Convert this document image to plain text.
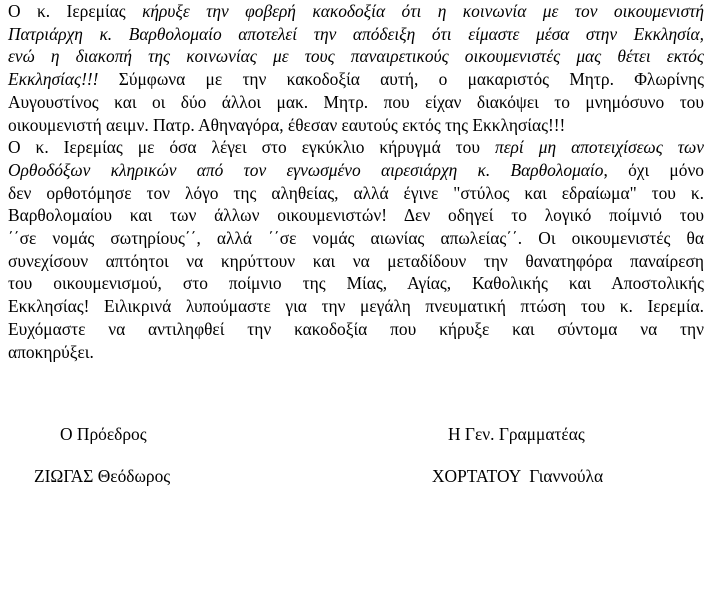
Ο κ. Ιερεμίας κήρυξε την φοβερή κακοδοξία ότι η κοινωνία με τον οικουμενιστή
Πατριάρχη κ. Βαρθολομαίο αποτελεί την απόδειξη ότι είμαστε μέσα στην Εκκλησία,
ενώ η διακοπή της κοινωνίας με τους παναιρετικούς οικουμενιστές μας θέτει εκτός
Εκκλησίας!!! Σύμφωνα με την κακοδοξία αυτή, ο μακαριστός Μητρ. Φλωρίνης
Αυγουστίνος και οι δύο άλλοι μακ. Μητρ. που είχαν διακόψει το μνημόσυνο του
οικουμενιστή αειμν. Πατρ. Αθηναγόρα, έθεσαν εαυτούς εκτός της Εκκλησίας!!!
Ο κ. Ιερεμίας με όσα λέγει στο εγκύκλιο κήρυγμά του περί μη αποτειχίσεως των
Ορθοδόξων κληρικών από τον εγνωσμένο αιρεσιάρχη κ. Βαρθολομαίο, όχι μόνο
δεν ορθοτόμησε τον λόγο της αληθείας, αλλά έγινε "στύλος και εδραίωμα" του κ.
Βαρθολομαίου και των άλλων οικουμενιστών! Δεν οδηγεί το λογικό ποίμνιό του
΄΄σε νομάς σωτηρίους΄΄, αλλά ΄΄σε νομάς αιωνίας απωλείας΄΄. Οι οικουμενιστές θα
συνεχίσουν απτόητοι να κηρύττουν και να μεταδίδουν την θανατηφόρα παναίρεση
του οικουμενισμού, στο ποίμνιο της Μίας, Αγίας, Καθολικής και Αποστολικής
Εκκλησίας! Ειλικρινά λυπούμαστε για την μεγάλη πνευματική πτώση του κ. Ιερεμία.
Ευχόμαστε να αντιληφθεί την κακοδοξία που κήρυξε και σύντομα να την
αποκηρύξει.
Ο Πρόεδρος	Η Γεν. Γραμματέας
ΖΙΩΓΑΣ Θεόδωρος	ΧΟΡΤΑΤΟΥ  Γιαννούλα
